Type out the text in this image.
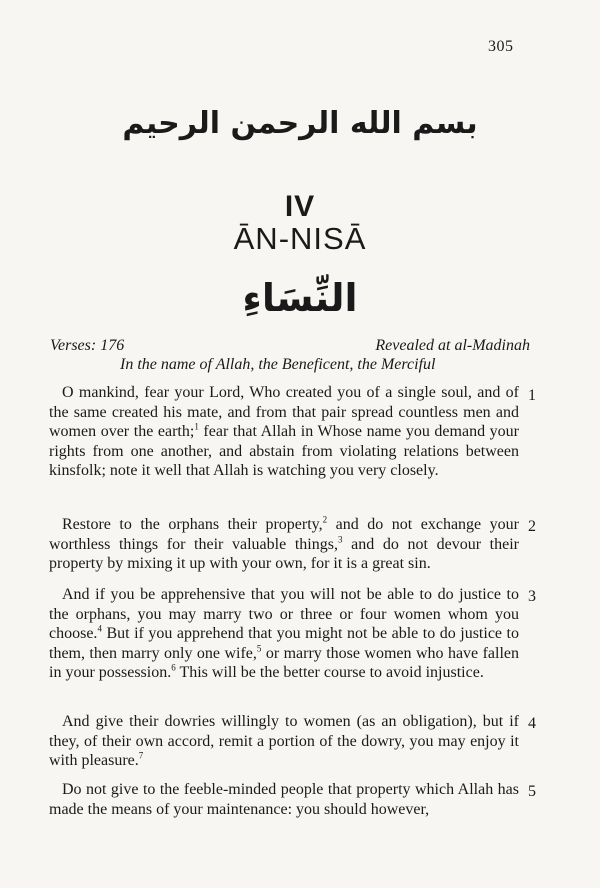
305
بسم الله الرحمن الرحيم
IV
ĀN-NISĀ
النِّسَاءِ
Verses: 176	Revealed at al-Madinah
In the name of Allah, the Beneficent, the Merciful

O mankind, fear your Lord, Who created you of a single soul, and of the same created his mate, and from that pair spread countless men and women over the earth;$^1$ fear that Allah in Whose name you demand your rights from one another, and abstain from violating relations between kinsfolk; note it well that Allah is watching you very closely.

1

Restore to the orphans their property,$^2$ and do not exchange your worthless things for their valuable things,$^3$ and do not devour their property by mixing it up with your own, for it is a great sin.

2

And if you be apprehensive that you will not be able to do justice to the orphans, you may marry two or three or four women whom you choose.$^4$ But if you apprehend that you might not be able to do justice to them, then marry only one wife,$^5$ or marry those women who have fallen in your possession.$^6$ This will be the better course to avoid injustice.

3

And give their dowries willingly to women (as an obligation), but if they, of their own accord, remit a portion of the dowry, you may enjoy it with pleasure.$^7$

4

Do not give to the feeble-minded people that property which Allah has made the means of your maintenance: you should however,

5
